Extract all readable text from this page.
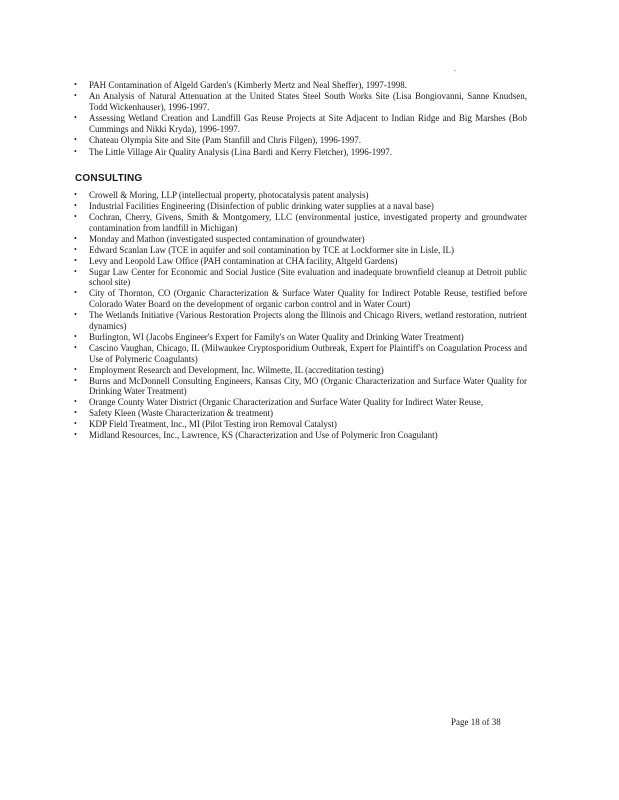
.
• PAH Contamination of Algeld Garden's (Kimberly Mertz and Neal Sheffer), 1997-1998.
• An Analysis of Natural Attenuation at the United States Steel South Works Site (Lisa Bongiovanni, Sanne Knudsen, Todd Wickenhauser), 1996-1997.
• Assessing Wetland Creation and Landfill Gas Reuse Projects at Site Adjacent to Indian Ridge and Big Marshes (Bob Cummings and Nikki Kryda), 1996-1997.
• Chateau Olympia Site and Site (Pam Stanfill and Chris Filgen), 1996-1997.
• The Little Village Air Quality Analysis (Lina Bardi and Kerry Fletcher), 1996-1997.
CONSULTING
• Crowell & Moring, LLP (intellectual property, photocatalysis patent analysis)
• Industrial Facilities Engineering (Disinfection of public drinking water supplies at a naval base)
• Cochran, Cherry, Givens, Smith & Montgomery, LLC (environmental justice, investigated property and groundwater contamination from landfill in Michigan)
• Monday and Mathon (investigated suspected contamination of groundwater)
• Edward Scanlan Law (TCE in aquifer and soil contamination by TCE at Lockformer site in Lisle, IL)
• Levy and Leopold Law Office (PAH contamination at CHA facility, Altgeld Gardens)
• Sugar Law Center for Economic and Social Justice (Site evaluation and inadequate brownfield cleanup at Detroit public school site)
• City of Thornton, CO (Organic Characterization & Surface Water Quality for Indirect Potable Reuse, testified before Colorado Water Board on the development of organic carbon control and in Water Court)
• The Wetlands Initiative (Various Restoration Projects along the Illinois and Chicago Rivers, wetland restoration, nutrient dynamics)
• Burlington, WI (Jacobs Engineer's Expert for Family's on Water Quality and Drinking Water Treatment)
• Cascino Vaughan, Chicago, IL (Milwaukee Cryptosporidium Outbreak, Expert for Plaintiff's on Coagulation Process and Use of Polymeric Coagulants)
• Employment Research and Development, Inc. Wilmette, IL (accreditation testing)
• Burns and McDonnell Consulting Engineers, Kansas City, MO (Organic Characterization and Surface Water Quality for Drinking Water Treatment)
• Orange County Water District (Organic Characterization and Surface Water Quality for Indirect Water Reuse,
• Safety Kleen (Waste Characterization & treatment)
• KDP Field Treatment, Inc., MI (Pilot Testing iron Removal Catalyst)
• Midland Resources, Inc., Lawrence, KS (Characterization and Use of Polymeric Iron Coagulant)
Page 18 of 38
